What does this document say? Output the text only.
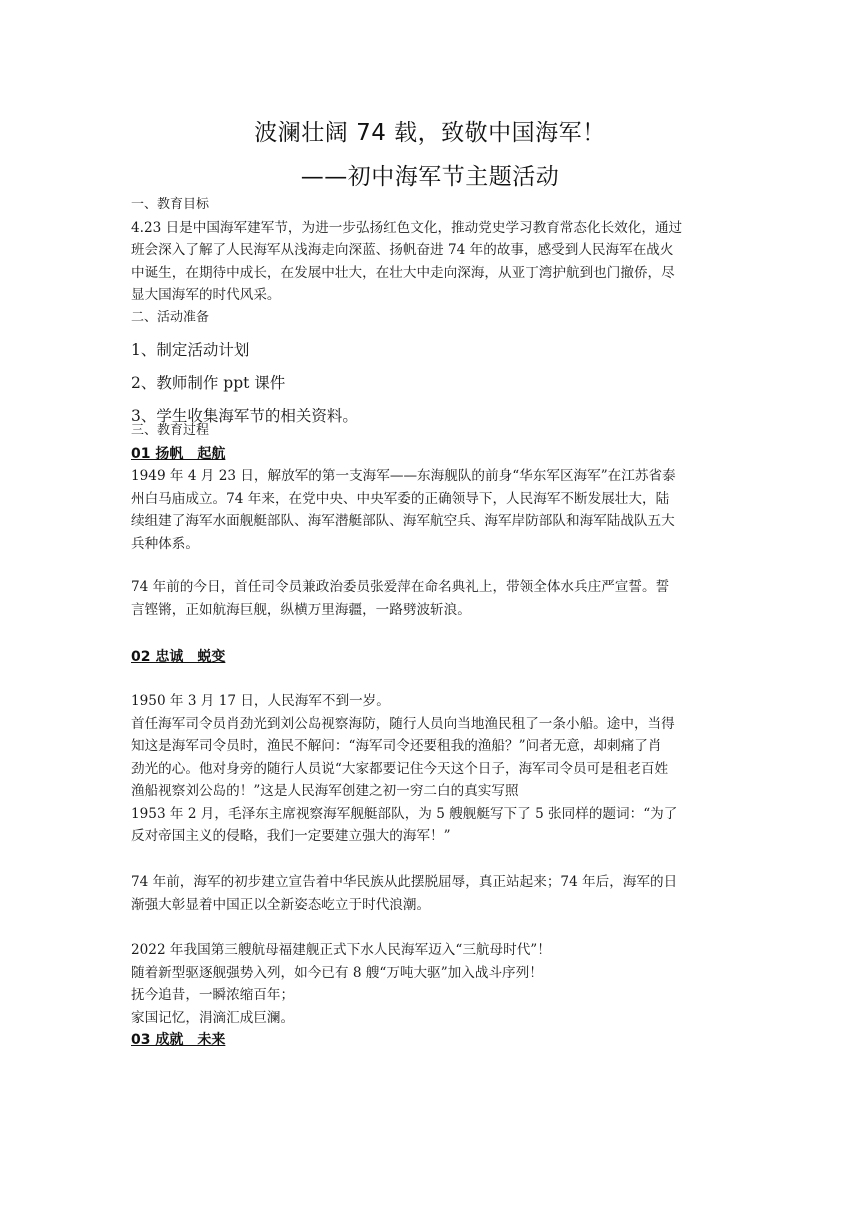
波澜壮阔 74 载，致敬中国海军！
——初中海军节主题活动
一、教育目标
4.23 日是中国海军建军节，为进一步弘扬红色文化，推动党史学习教育常态化长效化，通过
班会深入了解了人民海军从浅海走向深蓝、扬帆奋进 74 年的故事，感受到人民海军在战火
中诞生，在期待中成长，在发展中壮大，在壮大中走向深海，从亚丁湾护航到也门撤侨，尽
显大国海军的时代风采。
二、活动准备
1、制定活动计划
2、教师制作 ppt 课件
3、学生收集海军节的相关资料。
三、教育过程
01 扬帆　起航
1949 年 4 月 23 日，解放军的第一支海军——东海舰队的前身“华东军区海军”在江苏省泰
州白马庙成立。74 年来，在党中央、中央军委的正确领导下，人民海军不断发展壮大，陆
续组建了海军水面舰艇部队、海军潜艇部队、海军航空兵、海军岸防部队和海军陆战队五大
兵种体系。
74 年前的今日，首任司令员兼政治委员张爱萍在命名典礼上，带领全体水兵庄严宣誓。誓
言铿锵，正如航海巨舰，纵横万里海疆，一路劈波斩浪。
02 忠诚　蜕变
1950 年 3 月 17 日，人民海军不到一岁。
首任海军司令员肖劲光到刘公岛视察海防，随行人员向当地渔民租了一条小船。途中，当得
知这是海军司令员时，渔民不解问：“海军司令还要租我的渔船？”问者无意，却刺痛了肖
劲光的心。他对身旁的随行人员说“大家都要记住今天这个日子，海军司令员可是租老百姓
渔船视察刘公岛的！”这是人民海军创建之初一穷二白的真实写照
1953 年 2 月，毛泽东主席视察海军舰艇部队，为 5 艘舰艇写下了 5 张同样的题词：“为了
反对帝国主义的侵略，我们一定要建立强大的海军！”
74 年前，海军的初步建立宣告着中华民族从此摆脱屈辱，真正站起来；74 年后，海军的日
渐强大彰显着中国正以全新姿态屹立于时代浪潮。
2022 年我国第三艘航母福建舰正式下水人民海军迈入“三航母时代”！
随着新型驱逐舰强势入列，如今已有 8 艘“万吨大驱”加入战斗序列！
抚今追昔，一瞬浓缩百年；
家国记忆，涓滴汇成巨澜。
03 成就　未来
